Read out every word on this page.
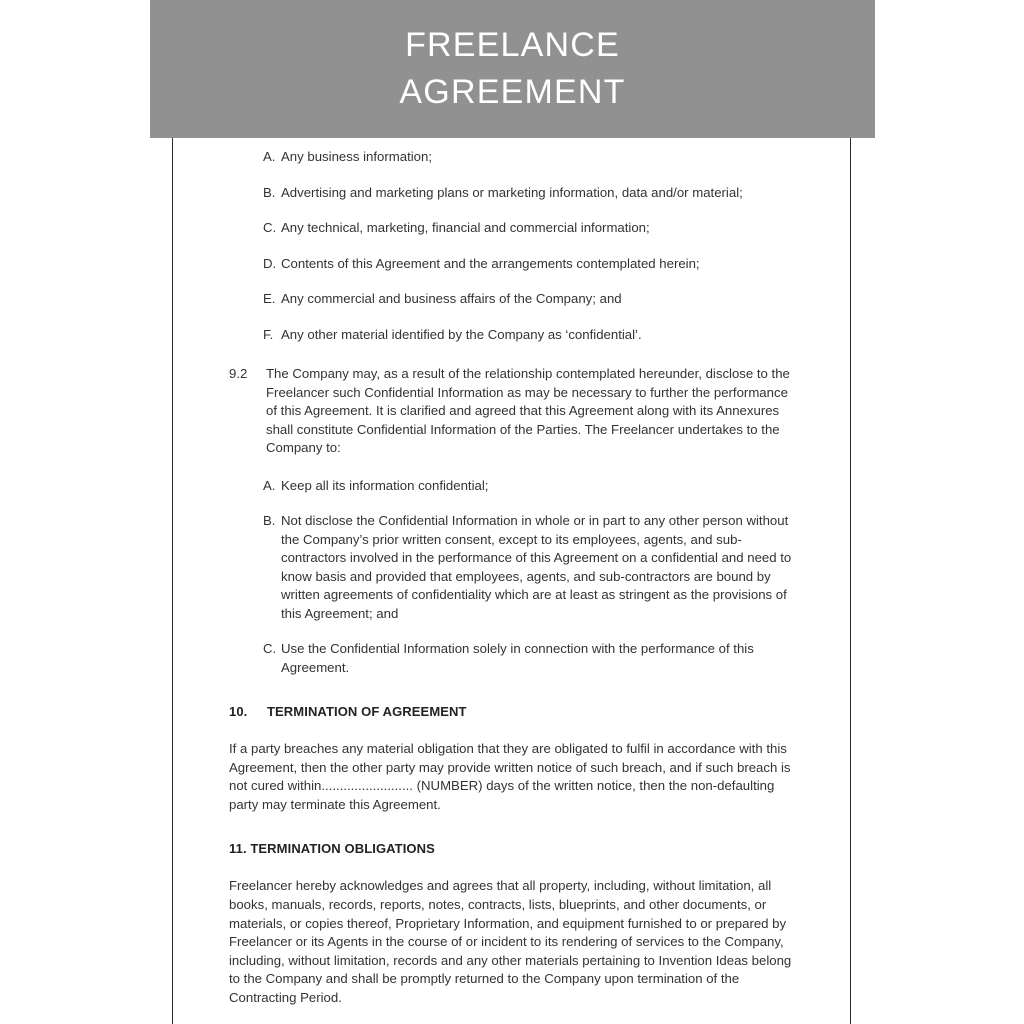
FREELANCE
AGREEMENT
A. Any business information;
B. Advertising and marketing plans or marketing information, data and/or material;
C. Any technical, marketing, financial and commercial information;
D. Contents of this Agreement and the arrangements contemplated herein;
E. Any commercial and business affairs of the Company; and
F. Any other material identified by the Company as ‘confidential’.
9.2	The Company may, as a result of the relationship contemplated hereunder, disclose to the Freelancer such Confidential Information as may be necessary to further the performance of this Agreement. It is clarified and agreed that this Agreement along with its Annexures shall constitute Confidential Information of the Parties. The Freelancer undertakes to the Company to:
A. Keep all its information confidential;
B. Not disclose the Confidential Information in whole or in part to any other person without the Company’s prior written consent, except to its employees, agents, and sub-contractors involved in the performance of this Agreement on a confidential and need to know basis and provided that employees, agents, and sub-contractors are bound by written agreements of confidentiality which are at least as stringent as the provisions of this Agreement; and
C. Use the Confidential Information solely in connection with the performance of this Agreement.
10. TERMINATION OF AGREEMENT
If a party breaches any material obligation that they are obligated to fulfil in accordance with this Agreement, then the other party may provide written notice of such breach, and if such breach is not cured within......................... (NUMBER) days of the written notice, then the non-defaulting party may terminate this Agreement.
11. TERMINATION OBLIGATIONS
Freelancer hereby acknowledges and agrees that all property, including, without limitation, all books, manuals, records, reports, notes, contracts, lists, blueprints, and other documents, or materials, or copies thereof, Proprietary Information, and equipment furnished to or prepared by Freelancer or its Agents in the course of or incident to its rendering of services to the Company, including, without limitation, records and any other materials pertaining to Invention Ideas belong to the Company and shall be promptly returned to the Company upon termination of the Contracting Period.
